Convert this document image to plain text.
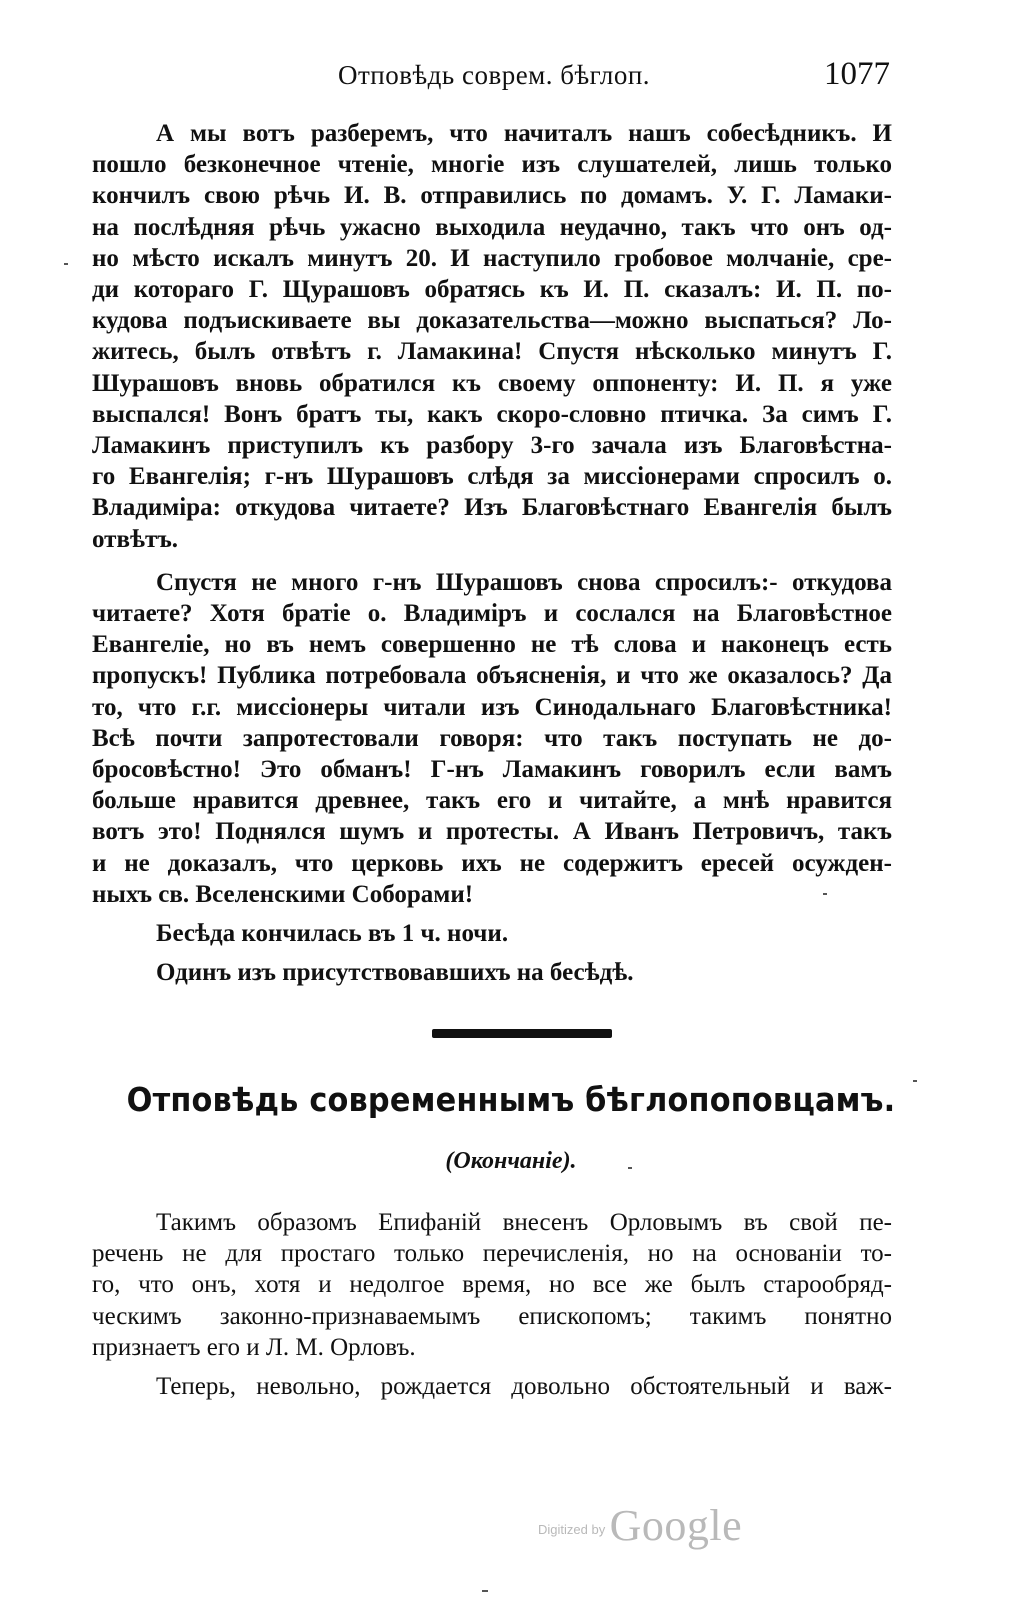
Отповѣдь соврем. бѣглоп.	1077
А мы вотъ разберемъ, что начиталъ нашъ собесѣдникъ. И
пошло безконечное чтеніе, многіе изъ слушателей, лишь только
кончилъ свою рѣчь И. В. отправились по домамъ. У. Г. Ламаки-
на послѣдняя рѣчь ужасно выходила неудачно, такъ что онъ од-
но мѣсто искалъ минутъ 20. И наступило гробовое молчаніе, сре-
ди котораго Г. Щурашовъ обратясь къ И. П. сказалъ: И. П. по-
кудова подъискиваете вы доказательства—можно выспаться? Ло-
житесь, былъ отвѣтъ г. Ламакина! Спустя нѣсколько минутъ Г.
Шурашовъ вновь обратился къ своему оппоненту: И. П. я уже
выспался! Вонъ братъ ты, какъ скоро-словно птичка. За симъ Г.
Ламакинъ приступилъ къ разбору 3-го зачала изъ Благовѣстна-
го Евангелія; г-нъ Шурашовъ слѣдя за миссіонерами спросилъ о.
Владиміра: откудова читаете? Изъ Благовѣстнаго Евангелія былъ
отвѣтъ.
Спустя не много г-нъ Шурашовъ снова спросилъ:- откудова
читаете? Хотя братіе о. Владиміръ и сослался на Благовѣстное
Евангеліе, но въ немъ совершенно не тѣ слова и наконецъ есть
пропускъ! Публика потребовала объясненія, и что же оказалось? Да
то, что г.г. миссіонеры читали изъ Синодальнаго Благовѣстника!
Всѣ почти запротестовали говоря: что такъ поступать не до-
бросовѣстно! Это обманъ! Г-нъ Ламакинъ говорилъ если вамъ
больше нравится древнее, такъ его и читайте, а мнѣ нравится
вотъ это! Поднялся шумъ и протесты. А Иванъ Петровичъ, такъ
и не доказалъ, что церковь ихъ не содержитъ ересей осужден-
ныхъ св. Вселенскими Соборами!
Бесѣда кончилась въ 1 ч. ночи.
Одинъ изъ присутствовавшихъ на бесѣдѣ.
Отповѣдь современнымъ бѣглопоповцамъ.
(Окончаніе).
Такимъ образомъ Епифаній внесенъ Орловымъ въ свой пе-
речень не для простаго только перечисленія, но на основаніи то-
го, что онъ, хотя и недолгое время, но все же былъ старообряд-
ческимъ законно-признаваемымъ епископомъ; такимъ понятно
признаетъ его и Л. М. Орловъ.
Теперь, невольно, рождается довольно обстоятельный и важ-
$^{Digitized by}$ Google
